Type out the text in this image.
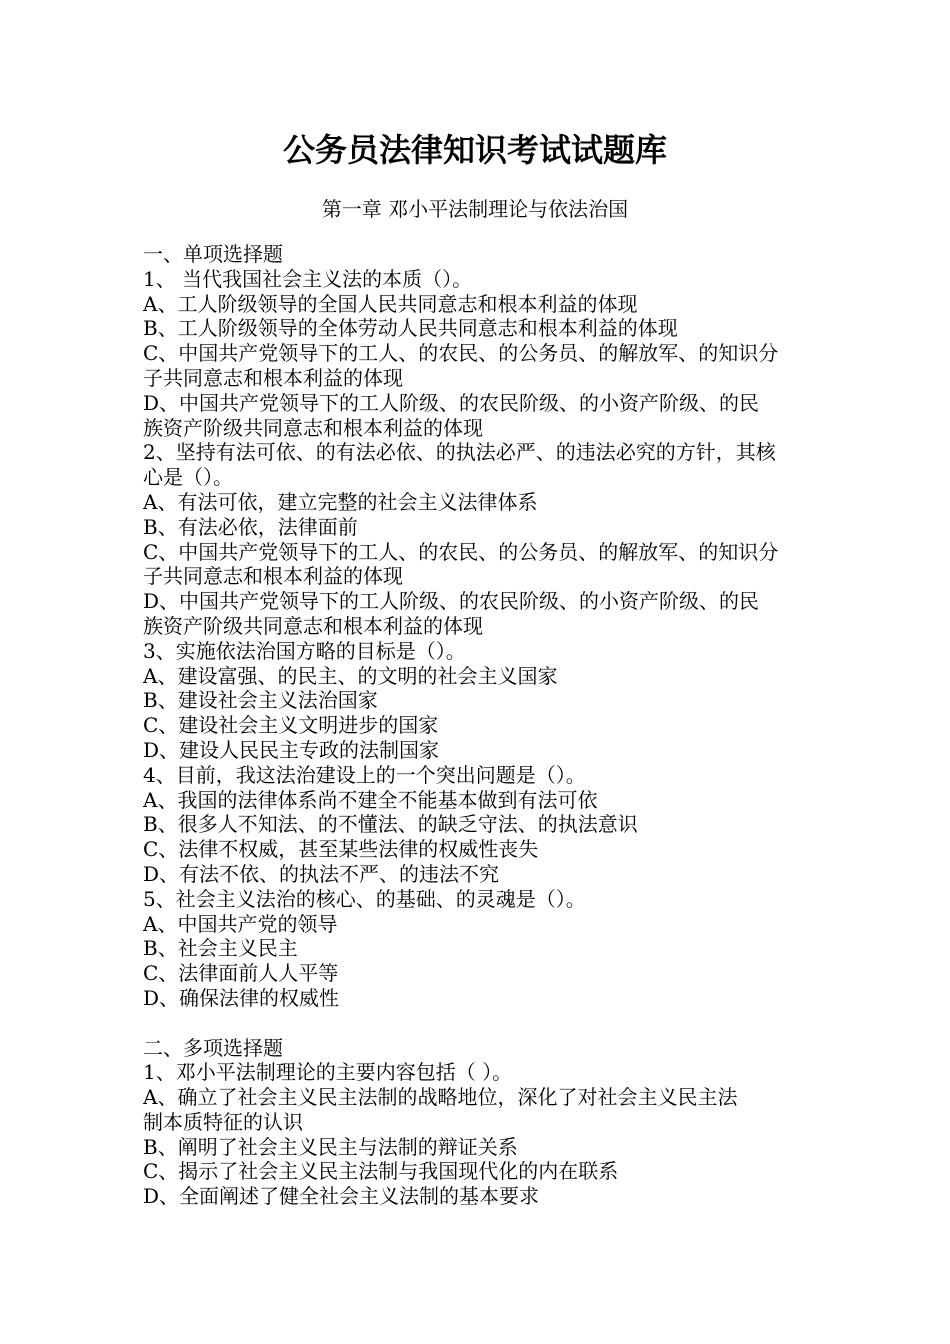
公务员法律知识考试试题库
第一章 邓小平法制理论与依法治国
一、单项选择题
1、 当代我国社会主义法的本质（）。
A、工人阶级领导的全国人民共同意志和根本利益的体现
B、工人阶级领导的全体劳动人民共同意志和根本利益的体现
C、中国共产党领导下的工人、的农民、的公务员、的解放军、的知识分
子共同意志和根本利益的体现
D、中国共产党领导下的工人阶级、的农民阶级、的小资产阶级、的民
族资产阶级共同意志和根本利益的体现
2、坚持有法可依、的有法必依、的执法必严、的违法必究的方针，其核
心是（）。
A、有法可依，建立完整的社会主义法律体系
B、有法必依，法律面前
C、中国共产党领导下的工人、的农民、的公务员、的解放军、的知识分
子共同意志和根本利益的体现
D、中国共产党领导下的工人阶级、的农民阶级、的小资产阶级、的民
族资产阶级共同意志和根本利益的体现
3、实施依法治国方略的目标是（）。
A、建设富强、的民主、的文明的社会主义国家
B、建设社会主义法治国家
C、建设社会主义文明进步的国家
D、建设人民民主专政的法制国家
4、目前，我这法治建设上的一个突出问题是（）。
A、我国的法律体系尚不建全不能基本做到有法可依
B、很多人不知法、的不懂法、的缺乏守法、的执法意识
C、法律不权威，甚至某些法律的权威性丧失
D、有法不依、的执法不严、的违法不究
5、社会主义法治的核心、的基础、的灵魂是（）。
A、中国共产党的领导
B、社会主义民主
C、法律面前人人平等
D、确保法律的权威性
二、多项选择题
1、邓小平法制理论的主要内容包括（ ）。
A、确立了社会主义民主法制的战略地位，深化了对社会主义民主法
制本质特征的认识
B、阐明了社会主义民主与法制的辩证关系
C、揭示了社会主义民主法制与我国现代化的内在联系
D、全面阐述了健全社会主义法制的基本要求
